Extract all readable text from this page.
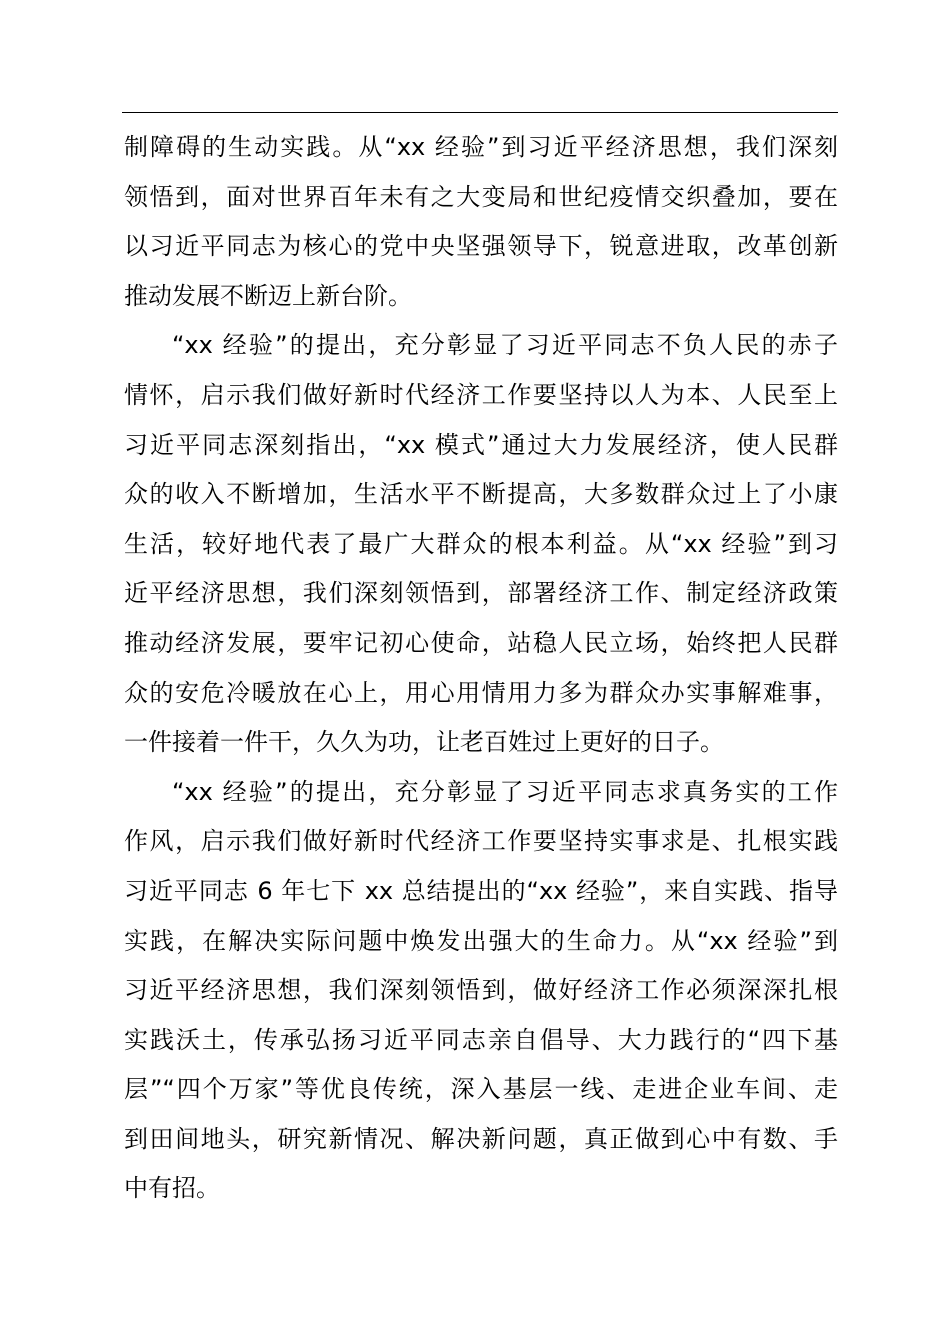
制障碍的生动实践。从“xx 经验”到习近平经济思想，我们深刻
领悟到，面对世界百年未有之大变局和世纪疫情交织叠加，要在
以习近平同志为核心的党中央坚强领导下，锐意进取，改革创新
推动发展不断迈上新台阶。
“xx 经验”的提出，充分彰显了习近平同志不负人民的赤子
情怀，启示我们做好新时代经济工作要坚持以人为本、人民至上
习近平同志深刻指出，“xx 模式”通过大力发展经济，使人民群
众的收入不断增加，生活水平不断提高，大多数群众过上了小康
生活，较好地代表了最广大群众的根本利益。从“xx 经验”到习
近平经济思想，我们深刻领悟到，部署经济工作、制定经济政策
推动经济发展，要牢记初心使命，站稳人民立场，始终把人民群
众的安危冷暖放在心上，用心用情用力多为群众办实事解难事，
一件接着一件干，久久为功，让老百姓过上更好的日子。
“xx 经验”的提出，充分彰显了习近平同志求真务实的工作
作风，启示我们做好新时代经济工作要坚持实事求是、扎根实践
习近平同志 6 年七下 xx 总结提出的“xx 经验”，来自实践、指导
实践，在解决实际问题中焕发出强大的生命力。从“xx 经验”到
习近平经济思想，我们深刻领悟到，做好经济工作必须深深扎根
实践沃土，传承弘扬习近平同志亲自倡导、大力践行的“四下基
层”“四个万家”等优良传统，深入基层一线、走进企业车间、走
到田间地头，研究新情况、解决新问题，真正做到心中有数、手
中有招。
